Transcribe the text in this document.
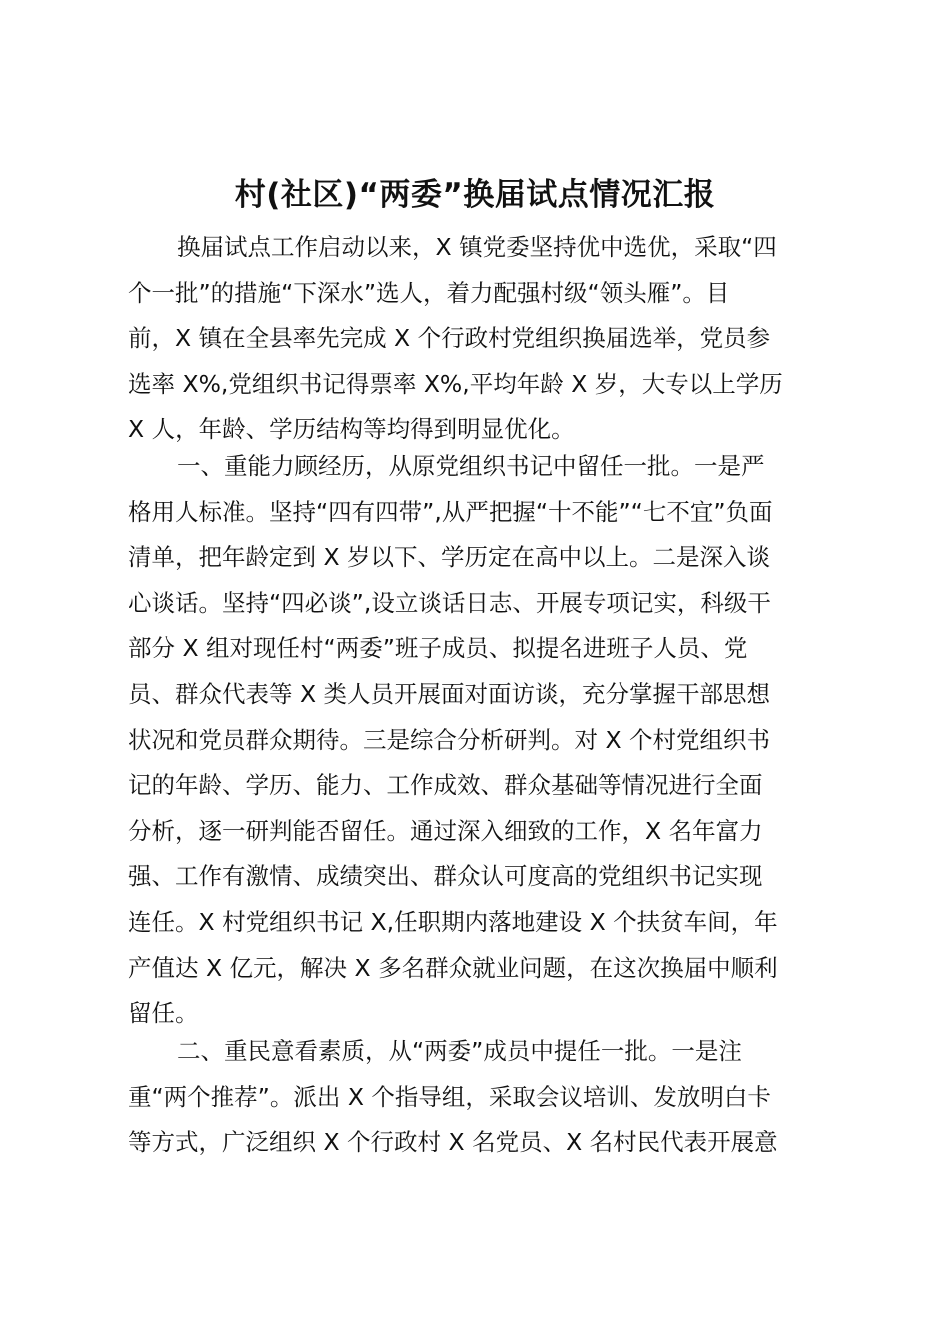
村(社区)“两委”换届试点情况汇报
换届试点工作启动以来，X 镇党委坚持优中选优，采取“四
个一批”的措施“下深水”选人，着力配强村级“领头雁”。目
前，X 镇在全县率先完成 X 个行政村党组织换届选举，党员参
选率 X%,党组织书记得票率 X%,平均年龄 X 岁，大专以上学历
X 人，年龄、学历结构等均得到明显优化。
一、重能力顾经历，从原党组织书记中留任一批。一是严
格用人标准。坚持“四有四带”,从严把握“十不能”“七不宜”负面
清单，把年龄定到 X 岁以下、学历定在高中以上。二是深入谈
心谈话。坚持“四必谈”,设立谈话日志、开展专项记实，科级干
部分 X 组对现任村“两委”班子成员、拟提名进班子人员、党
员、群众代表等 X 类人员开展面对面访谈，充分掌握干部思想
状况和党员群众期待。三是综合分析研判。对 X 个村党组织书
记的年龄、学历、能力、工作成效、群众基础等情况进行全面
分析，逐一研判能否留任。通过深入细致的工作，X 名年富力
强、工作有激情、成绩突出、群众认可度高的党组织书记实现
连任。X 村党组织书记 X,任职期内落地建设 X 个扶贫车间，年
产值达 X 亿元，解决 X 多名群众就业问题，在这次换届中顺利
留任。
二、重民意看素质，从“两委”成员中提任一批。一是注
重“两个推荐”。派出 X 个指导组，采取会议培训、发放明白卡
等方式，广泛组织 X 个行政村 X 名党员、X 名村民代表开展意
